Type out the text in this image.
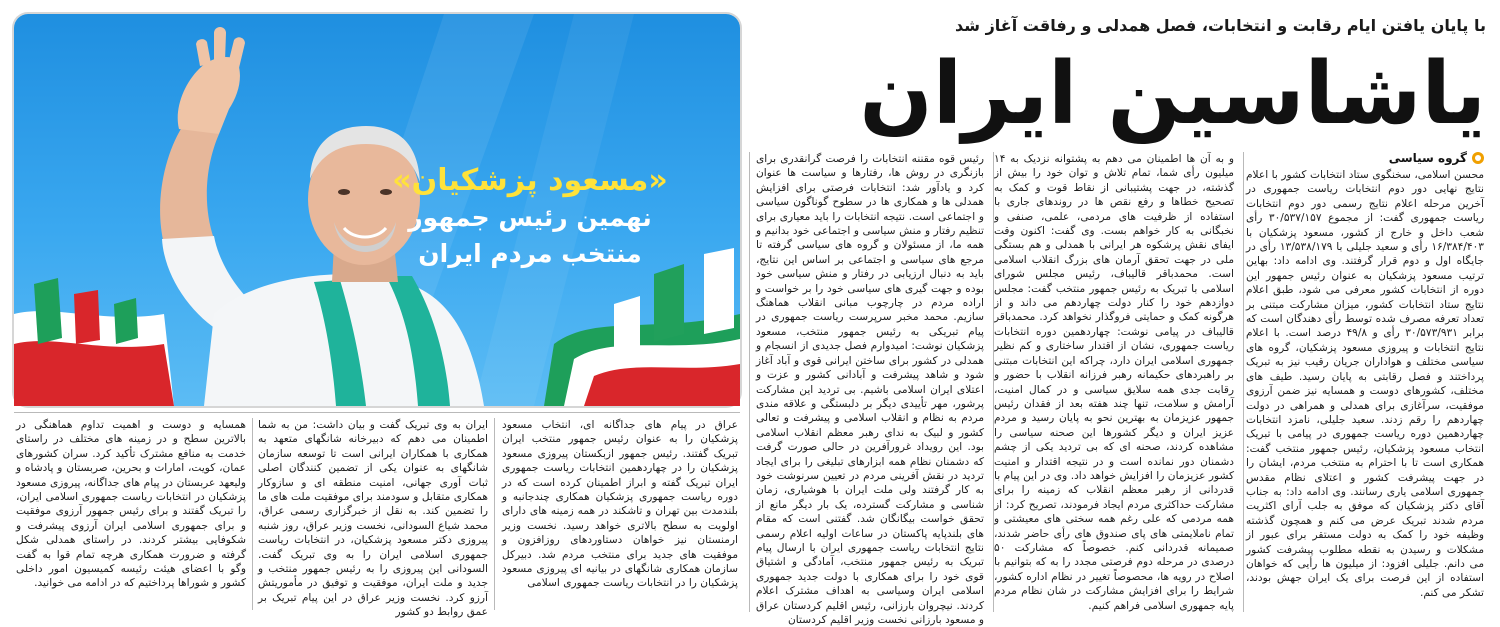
«مسعود پزشکیان»
نهمین رئیس جمهور
منتخب مردم ایران
با پایان یافتن ایام رقابت و انتخابات، فصل همدلی و رفاقت آغاز شد
یاشاسین ایران
گروه سیاسی

محسن اسلامی، سخنگوی ستاد انتخابات کشور با اعلام نتایج نهایی دور دوم انتخابات ریاست جمهوری در آخرین مرحله اعلام نتایج رسمی دور دوم انتخابات ریاست جمهوری گفت: از مجموع ۳۰/۵۳۷/۱۵۷ رأی شعب داخل و خارج از کشور، مسعود پزشکیان با ۱۶/۳۸۴/۴۰۳ رأی و سعید جلیلی با ۱۳/۵۳۸/۱۷۹ رأی در جایگاه اول و دوم قرار گرفتند. وی ادامه داد: بهاین ترتیب مسعود پزشکیان به عنوان رئیس جمهور این دوره از انتخابات کشور معرفی می شود، طبق اعلام نتایج ستاد انتخابات کشور، میزان مشارکت مبتنی بر تعداد تعرفه مصرف شده توسط رأی دهندگان است که برابر ۳۰/۵۷۳/۹۳۱ رأی و ۴۹/۸ درصد است. با اعلام نتایج انتخابات و پیروزی مسعود پزشکیان، گروه های سیاسی مختلف و هواداران جریان رقیب نیز به تبریک پرداختند و فصل رقابتی به پایان رسید. طیف های مختلف، کشورهای دوست و همسایه نیز ضمن آرزوی موفقیت، سرآغازی برای همدلی و همراهی در دولت چهاردهم را رقم زدند. سعید جلیلی، نامزد انتخابات چهاردهمین دوره ریاست جمهوری در پیامی با تبریک انتخاب مسعود پزشکیان، رئیس جمهور منتخب گفت: همکاری است تا با احترام به منتخب مردم، ایشان را در جهت پیشرفت کشور و اعتلای نظام مقدس جمهوری اسلامی یاری رسانند. وی ادامه داد: به جناب آقای دکتر پزشکیان که موفق به جلب آرای اکثریت مردم شدند تبریک عرض می کنم و همچون گذشته وظیفه خود را کمک به دولت مستقر برای عبور از مشکلات و رسیدن به نقطه مطلوب پیشرفت کشور می دانم. جلیلی افزود: از میلیون ها رأیی که خواهان استفاده از این فرصت برای یک ایران جهش بودند، تشکر می کنم.

و به آن ها اطمینان می دهم به پشتوانه نزدیک به ۱۴ میلیون رأی شما، تمام تلاش و توان خود را بیش از گذشته، در جهت پشتیبانی از نقاط قوت و کمک به تصحیح خطاها و رفع نقص ها در روندهای جاری با استفاده از ظرفیت های مردمی، علمی، صنفی و نخبگانی به کار خواهم بست. وی گفت: اکنون وقت ایفای نقش پرشکوه هر ایرانی با همدلی و هم بستگی ملی در جهت تحقق آرمان های بزرگ انقلاب اسلامی است. محمدباقر قالیباف، رئیس مجلس شورای اسلامی با تبریک به رئیس جمهور منتخب گفت: مجلس دوازدهم خود را کنار دولت چهاردهم می داند و از هرگونه کمک و حمایتی فروگذار نخواهد کرد. محمدباقر قالیباف در پیامی نوشت: چهاردهمین دوره انتخابات ریاست جمهوری، نشان از اقتدار ساختاری و کم نظیر جمهوری اسلامی ایران دارد، چراکه این انتخابات مبتنی بر راهبردهای حکیمانه رهبر فرزانه انقلاب با حضور و رقابت جدی همه سلایق سیاسی و در کمال امنیت، آرامش و سلامت، تنها چند هفته بعد از فقدان رئیس جمهور عزیزمان به بهترین نحو به پایان رسید و مردم عزیز ایران و دیگر کشورها این صحنه سیاسی را مشاهده کردند، صحنه ای که بی تردید یکی از چشم دشمنان دور نمانده است و در نتیجه اقتدار و امنیت کشور عزیزمان را افزایش خواهد داد. وی در این پیام با قدردانی از رهبر معظم انقلاب که زمینه را برای مشارکت حداکثری مردم ایجاد فرمودند، تصریح کرد: از همه مردمی که علی رغم همه سختی های معیشتی و تمام ناملایمتی های پای صندوق های رأی حاضر شدند، صمیمانه قدردانی کنم. خصوصاً که مشارکت ۵۰ درصدی در مرحله دوم فرصتی مجدد را به که بتوانیم با اصلاح در رویه ها، محصوصاً تغییر در نظام اداره کشور، شرایط را برای افزایش مشارکت در شان نظام مردم پایه جمهوری اسلامی فراهم کنیم.

رئیس قوه مقننه انتخابات را فرصت گرانقدری برای بازنگری در روش ها، رفتارها و سیاست ها عنوان کرد و یادآور شد: انتخابات فرصتی برای افزایش همدلی ها و همکاری ها در سطوح گوناگون سیاسی و اجتماعی است. نتیجه انتخابات را باید معیاری برای تنظیم رفتار و منش سیاسی و اجتماعی خود بدانیم و همه ما، از مسئولان و گروه های سیاسی گرفته تا مرجع های سیاسی و اجتماعی بر اساس این نتایج، باید به دنبال ارزیابی در رفتار و منش سیاسی خود بوده و جهت گیری های سیاسی خود را بر خواست و اراده مردم در چارچوب مبانی انقلاب هماهنگ سازیم. محمد مخبر سرپرست ریاست جمهوری در پیام تبریکی به رئیس جمهور منتخب، مسعود پزشکیان نوشت: امیدوارم فصل جدیدی از انسجام و همدلی در کشور برای ساختن ایرانی قوی و آباد آغاز شود و شاهد پیشرفت و آبادانی کشور و عزت و اعتلای ایران اسلامی باشیم. بی تردید این مشارکت پرشور، مهر تأییدی دیگر بر دلبستگی و علاقه مندی مردم به نظام و انقلاب اسلامی و پیشرفت و تعالی کشور و لبیک به ندای رهبر معظم انقلاب اسلامی بود. این رویداد غرورآفرین در حالی صورت گرفت که دشمنان نظام همه ابزارهای تبلیغی را برای ایجاد تردید در نقش آفرینی مردم در تعیین سرنوشت خود به کار گرفتند ولی ملت ایران با هوشیاری، زمان شناسی و مشارکت گسترده، یک بار دیگر مانع از تحقق خواست بیگانگان شد. گفتنی است که مقام های بلندپایه پاکستان در ساعات اولیه اعلام رسمی نتایج انتخابات ریاست جمهوری ایران با ارسال پیام تبریک به رئیس جمهور منتخب، آمادگی و اشتیاق قوی خود را برای همکاری با دولت جدید جمهوری اسلامی ایران وسیاسی به اهداف مشترک اعلام کردند. نیچروان بارزانی، رئیس اقلیم کردستان عراق و مسعود بارزانی نخست وزیر اقلیم کردستان

عراق در پیام های جداگانه ای، انتخاب مسعود پزشکیان را به عنوان رئیس جمهور منتخب ایران تبریک گفتند. رئیس جمهور ازبکستان پیروزی مسعود پزشکیان را در چهاردهمین انتخابات ریاست جمهوری ایران تبریک گفته و ابراز اطمینان کرده است که در دوره ریاست جمهوری پزشکیان همکاری چندجانبه و بلندمدت بین تهران و تاشکند در همه زمینه های دارای اولویت به سطح بالاتری خواهد رسید. نخست وزیر ارمنستان نیز خواهان دستاوردهای روزافزون و موفقیت های جدید برای منتخب مردم شد. دبیرکل سازمان همکاری شانگهای در بیانیه ای پیروزی مسعود پزشکیان را در انتخابات ریاست جمهوری اسلامی

ایران به وی تبریک گفت و بیان داشت: من به شما اطمینان می دهم که دبیرخانه شانگهای متعهد به همکاری با همکاران ایرانی است تا توسعه سازمان شانگهای به عنوان یکی از تضمین کنندگان اصلی ثبات آوری جهانی، امنیت منطقه ای و سازوکار همکاری متقابل و سودمند برای موفقیت ملت های ما را تضمین کند. به نقل از خبرگزاری رسمی عراق، محمد شیاع السودانی، نخست وزیر عراق، روز شنبه پیروزی دکتر مسعود پزشکیان، در انتخابات ریاست جمهوری اسلامی ایران را به وی تبریک گفت. السودانی این پیروزی را به رئیس جمهور منتخب و جدید و ملت ایران، موفقیت و توفیق در مأموریتش آرزو کرد. نخست وزیر عراق در این پیام تبریک بر عمق روابط دو کشور

همسایه و دوست و اهمیت تداوم هماهنگی در بالاترین سطح و در زمینه های مختلف در راستای خدمت به منافع مشترک تأکید کرد. سران کشورهای عمان، کویت، امارات و بحرین، صربستان و پادشاه و ولیعهد عربستان در پیام های جداگانه، پیروزی مسعود پزشکیان در انتخابات ریاست جمهوری اسلامی ایران، را تبریک گفتند و برای رئیس جمهور آرزوی موفقیت و برای جمهوری اسلامی ایران آرزوی پیشرفت و شکوفایی بیشتر کردند. در راستای همدلی شکل گرفته و ضرورت همکاری هرچه تمام قوا به گفت وگو با اعضای هیئت رئیسه کمیسیون امور داخلی کشور و شوراها پرداختیم که در ادامه می خوانید.
